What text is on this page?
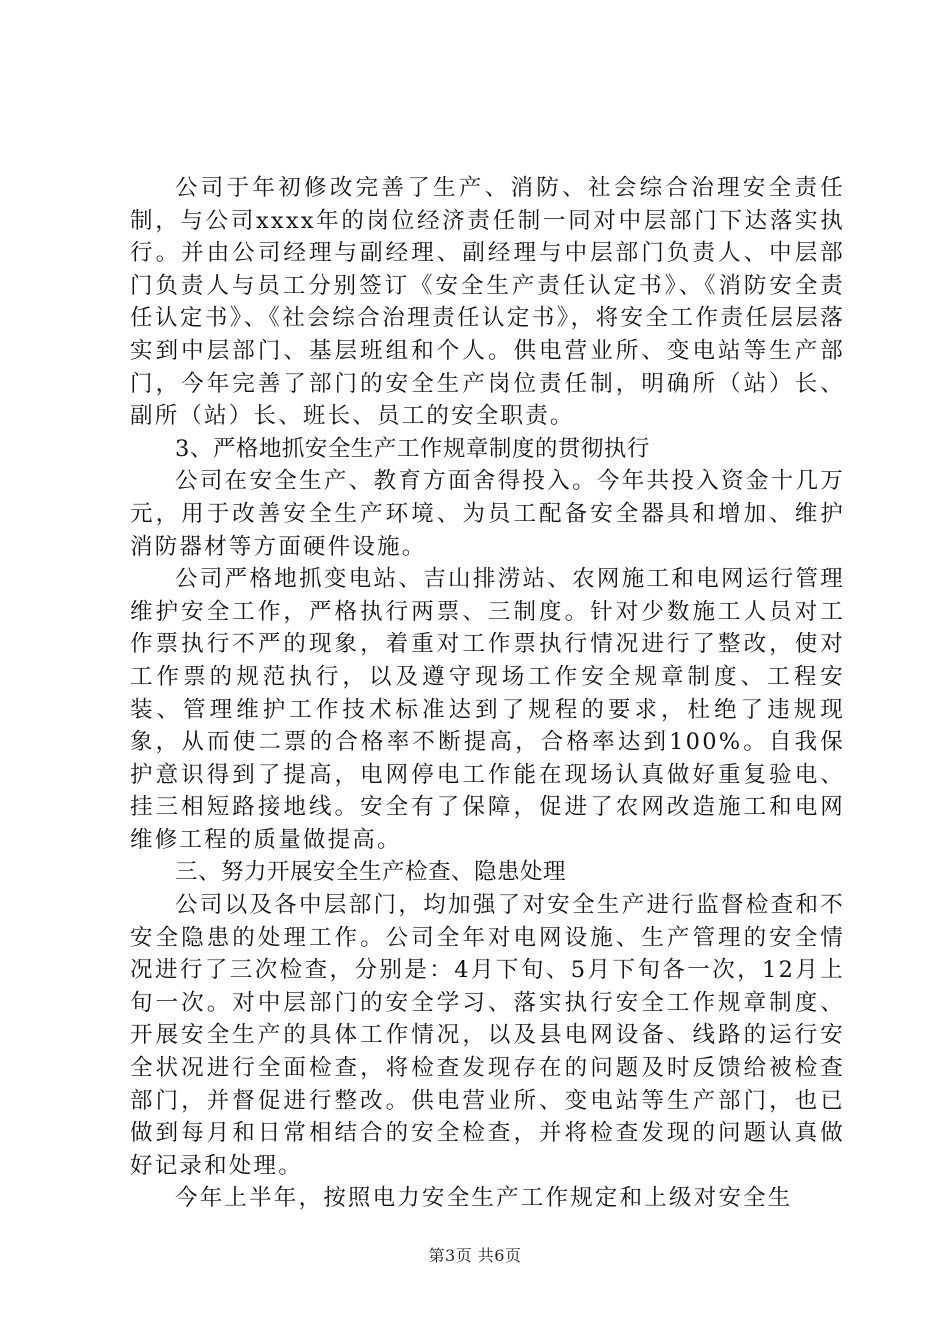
公司于年初修改完善了生产、消防、社会综合治理安全责任制，与公司xxxx年的岗位经济责任制一同对中层部门下达落实执行。并由公司经理与副经理、副经理与中层部门负责人、中层部门负责人与员工分别签订《安全生产责任认定书》、《消防安全责任认定书》、《社会综合治理责任认定书》，将安全工作责任层层落实到中层部门、基层班组和个人。供电营业所、变电站等生产部门，今年完善了部门的安全生产岗位责任制，明确所（站）长、副所（站）长、班长、员工的安全职责。

3、严格地抓安全生产工作规章制度的贯彻执行

公司在安全生产、教育方面舍得投入。今年共投入资金十几万元，用于改善安全生产环境、为员工配备安全器具和增加、维护消防器材等方面硬件设施。

公司严格地抓变电站、吉山排涝站、农网施工和电网运行管理维护安全工作，严格执行两票、三制度。针对少数施工人员对工作票执行不严的现象，着重对工作票执行情况进行了整改，使对工作票的规范执行，以及遵守现场工作安全规章制度、工程安装、管理维护工作技术标准达到了规程的要求，杜绝了违规现象，从而使二票的合格率不断提高，合格率达到100%。自我保护意识得到了提高，电网停电工作能在现场认真做好重复验电、挂三相短路接地线。安全有了保障，促进了农网改造施工和电网维修工程的质量做提高。

三、努力开展安全生产检查、隐患处理

公司以及各中层部门，均加强了对安全生产进行监督检查和不安全隐患的处理工作。公司全年对电网设施、生产管理的安全情况进行了三次检查，分别是：4月下旬、5月下旬各一次，12月上旬一次。对中层部门的安全学习、落实执行安全工作规章制度、开展安全生产的具体工作情况，以及县电网设备、线路的运行安全状况进行全面检查，将检查发现存在的问题及时反馈给被检查部门，并督促进行整改。供电营业所、变电站等生产部门，也已做到每月和日常相结合的安全检查，并将检查发现的问题认真做好记录和处理。

今年上半年，按照电力安全生产工作规定和上级对安全生

第3页 共6页
